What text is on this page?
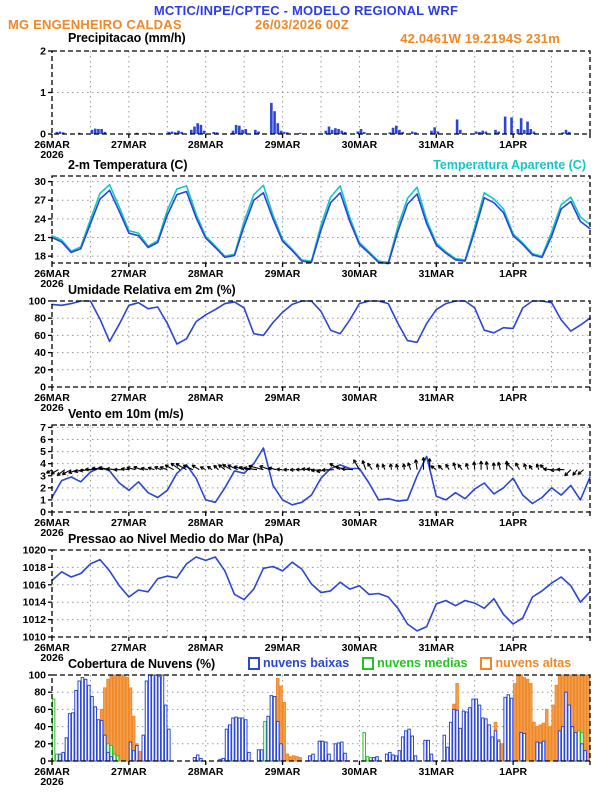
MCTIC/INPE/CPTEC - MODELO REGIONAL WRF
MG ENGENHEIRO CALDAS	26/03/2026 00Z
42.0461W 19.2194S 231m
Precipitacao (mm/h)
2-m Temperatura (C)	Temperatura Aparente (C)
Umidade Relativa em 2m (%)
Vento em 10m (m/s)
Pressao ao Nivel Medio do Mar (hPa)
Cobertura de Nuvens (%)	nuvens baixas nuvens medias nuvens altas
0
1
2
26MAR	27MAR	28MAR	29MAR	30MAR	31MAR	1APR
2026
18
21
24
27
30
26MAR	27MAR	28MAR	29MAR	30MAR	31MAR	1APR
2026
0
20
40
60
80
100
26MAR	27MAR	28MAR	29MAR	30MAR	31MAR	1APR
2026
0
1
2
3
4
5
6
7
26MAR	27MAR	28MAR	29MAR	30MAR	31MAR	1APR
2026
1010
1012
1014
1016
1018
1020
26MAR	27MAR	28MAR	29MAR	30MAR	31MAR	1APR
2026
0
20
40
60
80
100
26MAR	27MAR	28MAR	29MAR	30MAR	31MAR	1APR
2026
